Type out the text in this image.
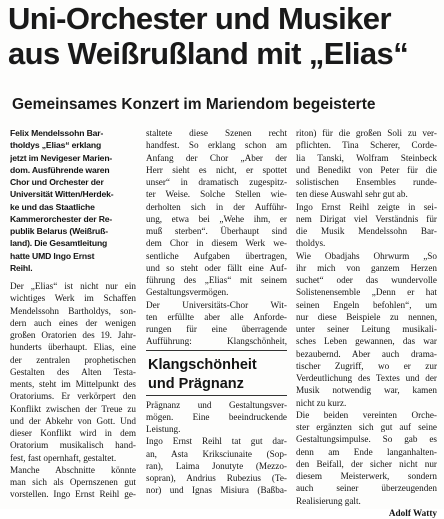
Uni-Orchester und Musiker
aus Weißrußland mit „Elias“
Gemeinsames Konzert im Mariendom begeisterte
Felix Mendelssohn Bar-
tholdys „Elias“ erklang
jetzt im Nevigeser Marien-
dom. Ausführende waren
Chor und Orchester der
Universität Witten/Herdek-
ke und das Staatliche
Kammerorchester der Re-
publik Belarus (Weißruß-
land). Die Gesamtleitung
hatte UMD Ingo Ernst
Reihl.
Der „Elias“ ist nicht nur ein
wichtiges Werk im Schaffen
Mendelssohn Bartholdys, son-
dern auch eines der wenigen
großen Oratorien des 19. Jahr-
hunderts überhaupt. Elias, eine
der zentralen prophetischen
Gestalten des Alten Testa-
ments, steht im Mittelpunkt des
Oratoriums. Er verkörpert den
Konflikt zwischen der Treue zu
und der Abkehr von Gott. Und
dieser Konflikt wird in dem
Oratorium musikalisch hand-
fest, fast opernhaft, gestaltet.
Manche Abschnitte könnte
man sich als Opernszenen gut
vorstellen. Ingo Ernst Reihl ge-
staltete diese Szenen recht
handfest. So erklang schon am
Anfang der Chor „Aber der
Herr sieht es nicht, er spottet
unser“ in dramatisch zugespitz-
ter Weise. Solche Stellen wie-
derholten sich in der Aufführ-
ung, etwa bei „Wehe ihm, er
muß sterben“. Überhaupt sind
dem Chor in diesem Werk we-
sentliche Aufgaben übertragen,
und so steht oder fällt eine Auf-
führung des „Elias“ mit seinem
Gestaltungsvermögen.
Der Universitäts-Chor Wit-
ten erfüllte aber alle Anforde-
rungen für eine überragende
Aufführung: Klangschönheit,
Klangschönheit
und Prägnanz
Prägnanz und Gestaltungsver-
mögen. Eine beeindruckende
Leistung.
Ingo Ernst Reihl tat gut dar-
an, Asta Kriksciunaite (Sop-
ran), Laima Jonutyte (Mezzo-
sopran), Andrius Rubezius (Te-
nor) und Ignas Misiura (Baßba-
riton) für die großen Soli zu ver-
pflichten. Tina Scherer, Corde-
lia Tanski, Wolfram Steinbeck
und Benedikt von Peter für die
solistischen Ensembles runde-
ten diese Auswahl sehr gut ab.
Ingo Ernst Reihl zeigte in sei-
nem Dirigat viel Verständnis für
die Musik Mendelssohn Bar-
tholdys.
Wie Obadjahs Ohrwurm „So
ihr mich von ganzem Herzen
suchet“ oder das wundervolle
Solistenensemble „Denn er hat
seinen Engeln befohlen“, um
nur diese Beispiele zu nennen,
unter seiner Leitung musikali-
sches Leben gewannen, das war
bezaubernd. Aber auch drama-
tischer Zugriff, wo er zur
Verdeutlichung des Textes und der
Musik notwendig war, kamen
nicht zu kurz.
Die beiden vereinten Orche-
ster ergänzten sich gut auf seine
Gestaltungsimpulse. So gab es
denn am Ende langanhalten-
den Beifall, der sicher nicht nur
diesem Meisterwerk, sondern
auch seiner überzeugenden
Realisierung galt.
Adolf Watty
